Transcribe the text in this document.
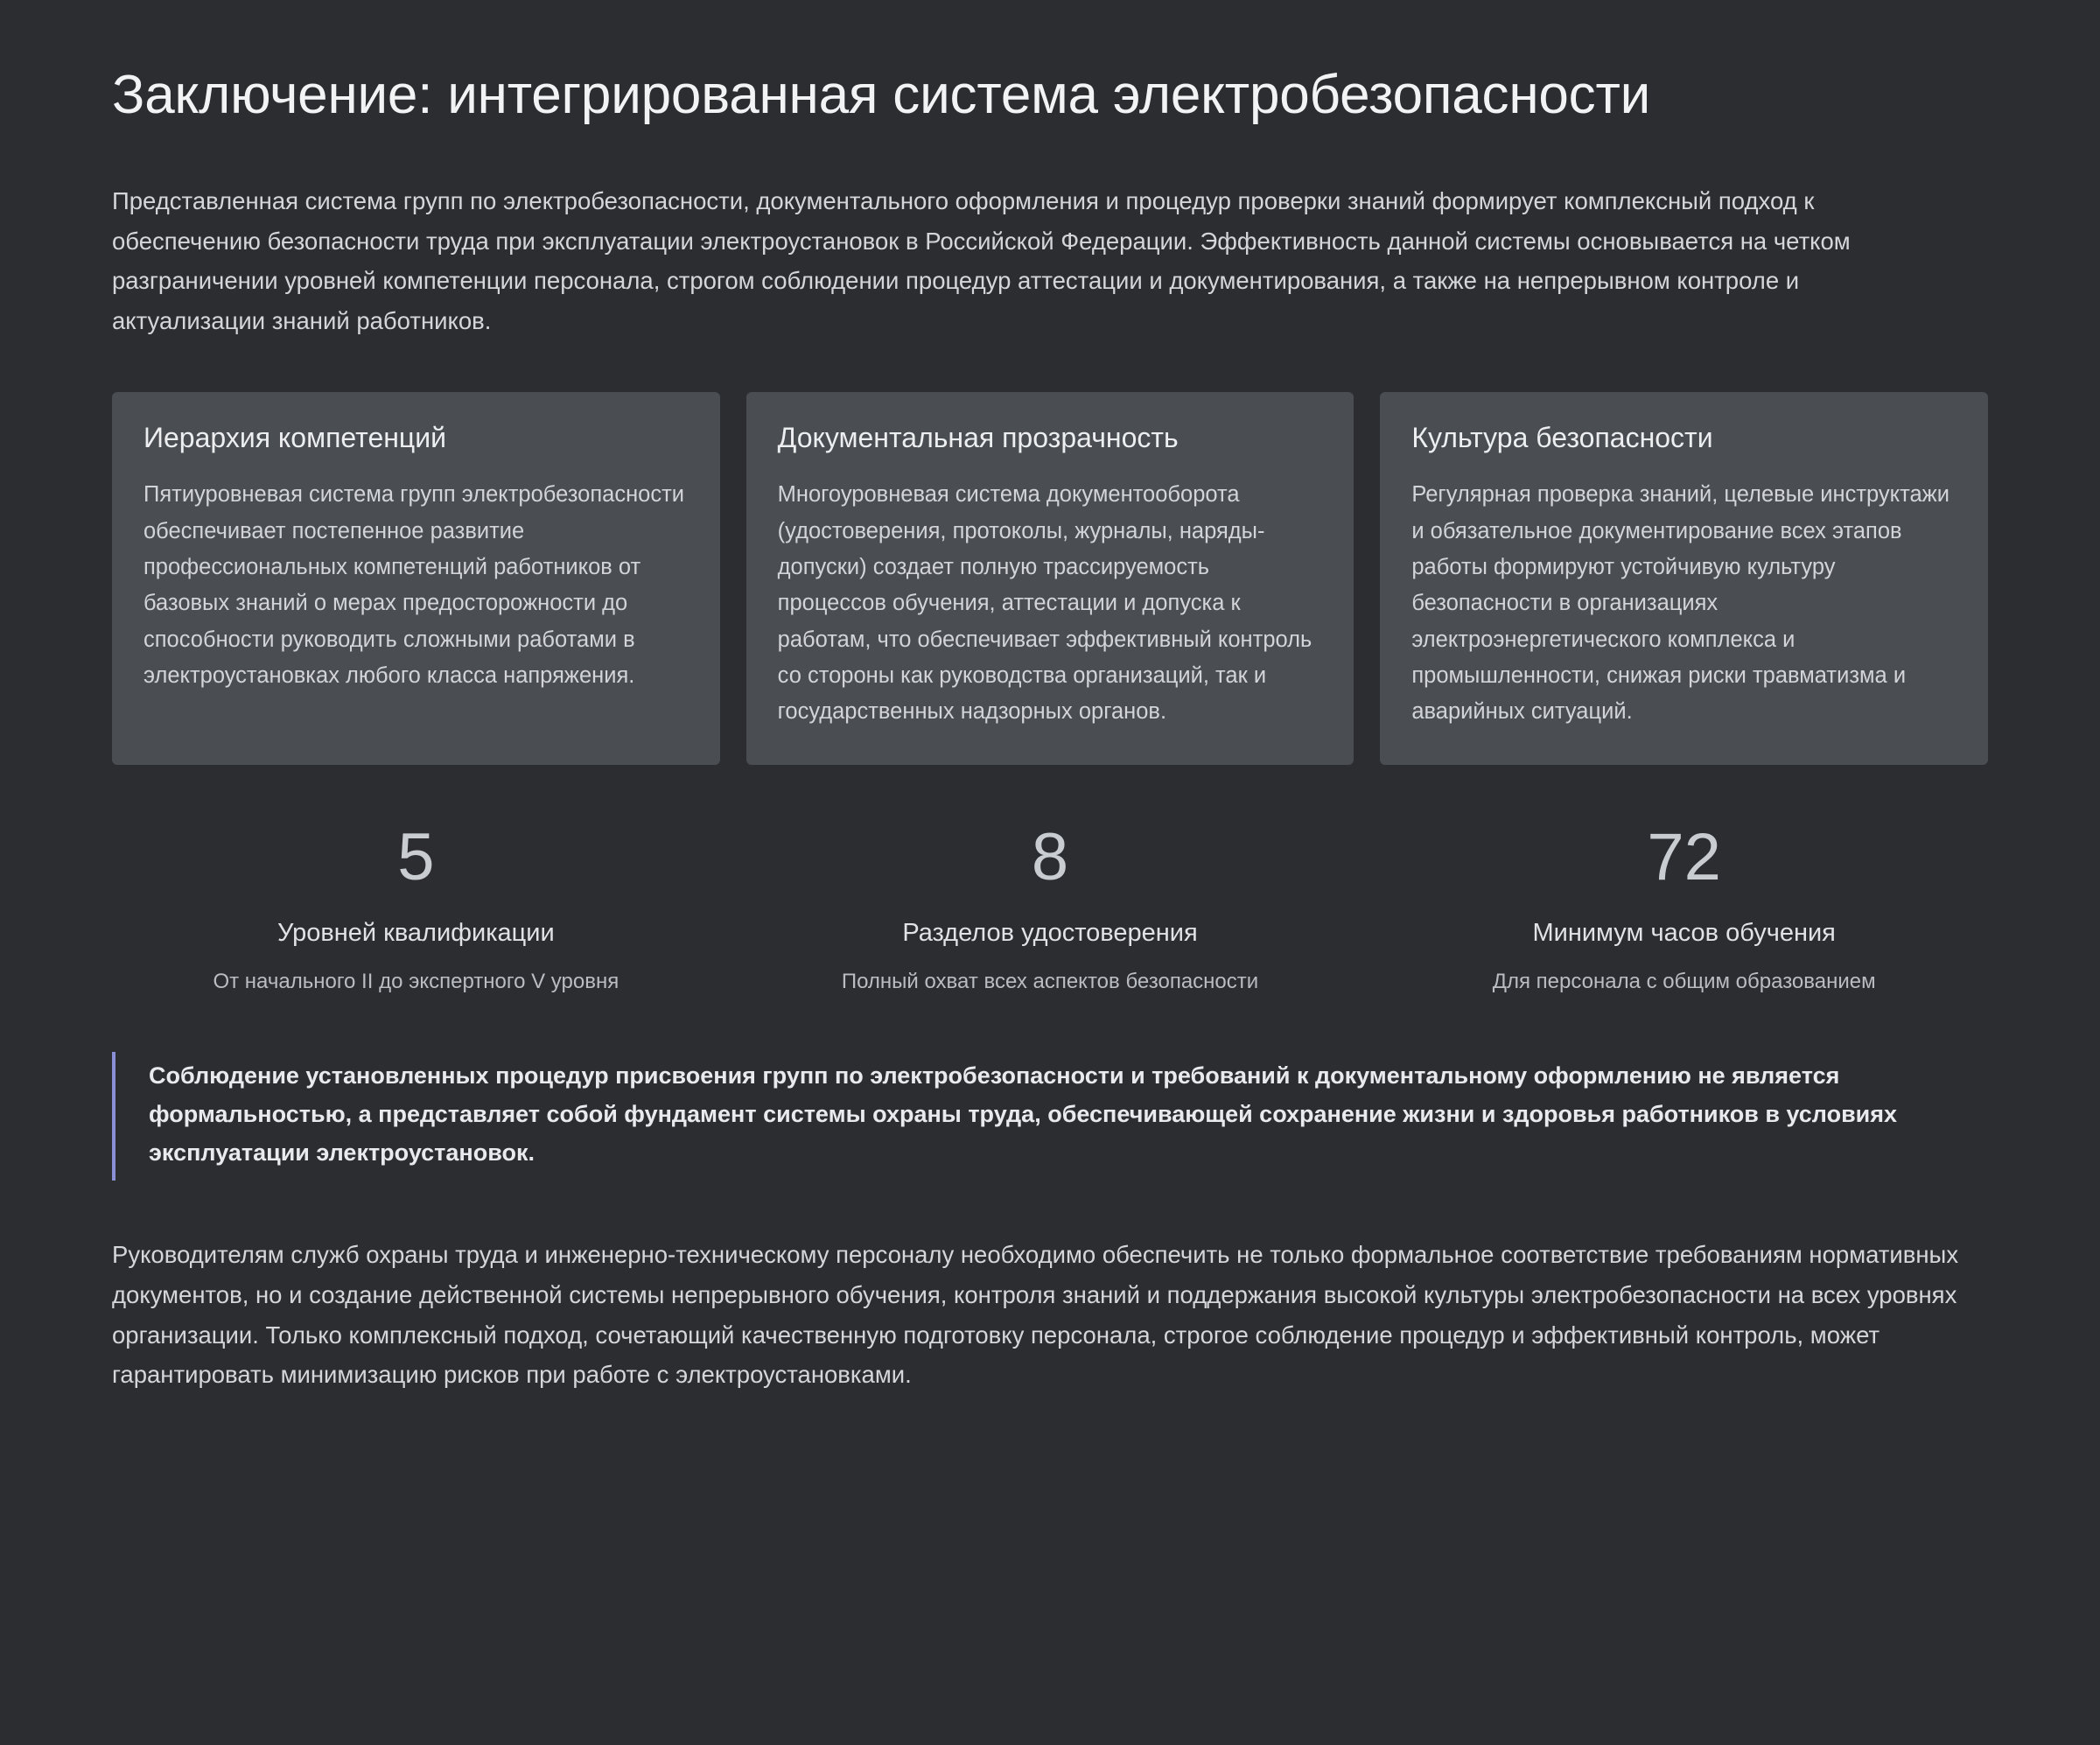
Заключение: интегрированная система электробезопасности

Представленная система групп по электробезопасности, документального оформления и процедур проверки знаний формирует комплексный подход к обеспечению безопасности труда при эксплуатации электроустановок в Российской Федерации. Эффективность данной системы основывается на четком разграничении уровней компетенции персонала, строгом соблюдении процедур аттестации и документирования, а также на непрерывном контроле и актуализации знаний работников.

Иерархия компетенций

Пятиуровневая система групп электробезопасности обеспечивает постепенное развитие профессиональных компетенций работников от базовых знаний о мерах предосторожности до способности руководить сложными работами в электроустановках любого класса напряжения.

Документальная прозрачность

Многоуровневая система документооборота (удостоверения, протоколы, журналы, наряды-допуски) создает полную трассируемость процессов обучения, аттестации и допуска к работам, что обеспечивает эффективный контроль со стороны как руководства организаций, так и государственных надзорных органов.

Культура безопасности

Регулярная проверка знаний, целевые инструктажи и обязательное документирование всех этапов работы формируют устойчивую культуру безопасности в организациях электроэнергетического комплекса и промышленности, снижая риски травматизма и аварийных ситуаций.

5
Уровней квалификации
От начального II до экспертного V уровня
8
Разделов удостоверения
Полный охват всех аспектов безопасности
72
Минимум часов обучения
Для персонала с общим образованием

Соблюдение установленных процедур присвоения групп по электробезопасности и требований к документальному оформлению не является формальностью, а представляет собой фундамент системы охраны труда, обеспечивающей сохранение жизни и здоровья работников в условиях эксплуатации электроустановок.

Руководителям служб охраны труда и инженерно-техническому персоналу необходимо обеспечить не только формальное соответствие требованиям нормативных документов, но и создание действенной системы непрерывного обучения, контроля знаний и поддержания высокой культуры электробезопасности на всех уровнях организации. Только комплексный подход, сочетающий качественную подготовку персонала, строгое соблюдение процедур и эффективный контроль, может гарантировать минимизацию рисков при работе с электроустановками.
